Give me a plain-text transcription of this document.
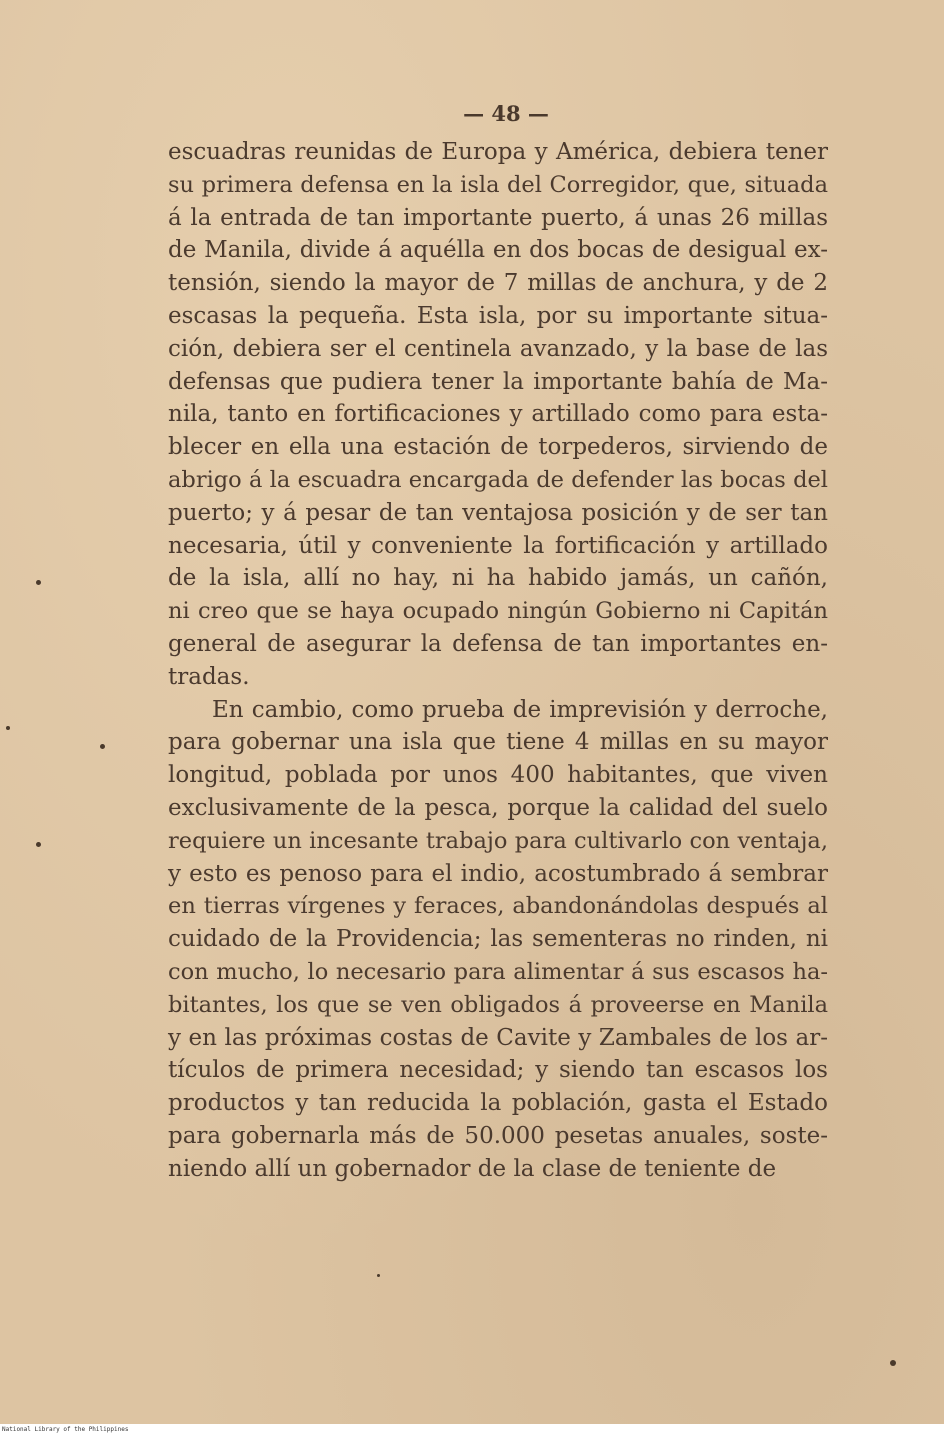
— 48 —
escuadras reunidas de Europa y América, debiera tener
su primera defensa en la isla del Corregidor, que, situada
á la entrada de tan importante puerto, á unas 26 millas
de Manila, divide á aquélla en dos bocas de desigual ex-
tensión, siendo la mayor de 7 millas de anchura, y de 2
escasas la pequeña. Esta isla, por su importante situa-
ción, debiera ser el centinela avanzado, y la base de las
defensas que pudiera tener la importante bahía de Ma-
nila, tanto en fortificaciones y artillado como para esta-
blecer en ella una estación de torpederos, sirviendo de
abrigo á la escuadra encargada de defender las bocas del
puerto; y á pesar de tan ventajosa posición y de ser tan
necesaria, útil y conveniente la fortificación y artillado
de la isla, allí no hay, ni ha habido jamás, un cañón,
ni creo que se haya ocupado ningún Gobierno ni Capitán
general de asegurar la defensa de tan importantes en-
tradas.
En cambio, como prueba de imprevisión y derroche,
para gobernar una isla que tiene 4 millas en su mayor
longitud, poblada por unos 400 habitantes, que viven
exclusivamente de la pesca, porque la calidad del suelo
requiere un incesante trabajo para cultivarlo con ventaja,
y esto es penoso para el indio, acostumbrado á sembrar
en tierras vírgenes y feraces, abandonándolas después al
cuidado de la Providencia; las sementeras no rinden, ni
con mucho, lo necesario para alimentar á sus escasos ha-
bitantes, los que se ven obligados á proveerse en Manila
y en las próximas costas de Cavite y Zambales de los ar-
tículos de primera necesidad; y siendo tan escasos los
productos y tan reducida la población, gasta el Estado
para gobernarla más de 50.000 pesetas anuales, soste-
niendo allí un gobernador de la clase de teniente de
National Library of the Philippines
